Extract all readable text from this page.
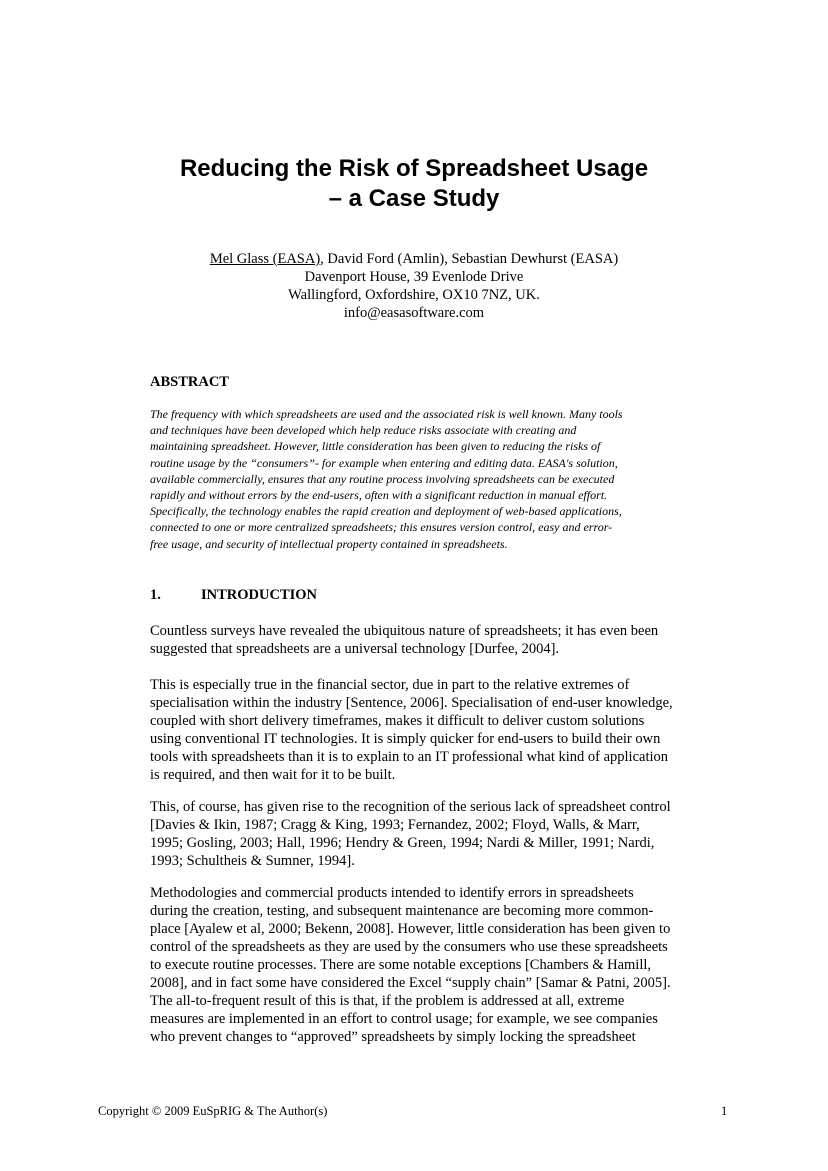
Reducing the Risk of Spreadsheet Usage
– a Case Study
Mel Glass (EASA), David Ford (Amlin), Sebastian Dewhurst (EASA)
Davenport House, 39 Evenlode Drive
Wallingford, Oxfordshire, OX10 7NZ, UK.
info@easasoftware.com
ABSTRACT
The frequency with which spreadsheets are used and the associated risk is well known. Many tools
and techniques have been developed which help reduce risks associate with creating and
maintaining spreadsheet. However, little consideration has been given to reducing the risks of
routine usage by the “consumers”- for example when entering and editing data. EASA's solution,
available commercially, ensures that any routine process involving spreadsheets can be executed
rapidly and without errors by the end-users, often with a significant reduction in manual effort.
Specifically, the technology enables the rapid creation and deployment of web-based applications,
connected to one or more centralized spreadsheets; this ensures version control, easy and error-
free usage, and security of intellectual property contained in spreadsheets.
1.	INTRODUCTION
Countless surveys have revealed the ubiquitous nature of spreadsheets; it has even been
suggested that spreadsheets are a universal technology [Durfee, 2004].
This is especially true in the financial sector, due in part to the relative extremes of
specialisation within the industry [Sentence, 2006]. Specialisation of end-user knowledge,
coupled with short delivery timeframes, makes it difficult to deliver custom solutions
using conventional IT technologies. It is simply quicker for end-users to build their own
tools with spreadsheets than it is to explain to an IT professional what kind of application
is required, and then wait for it to be built.
This, of course, has given rise to the recognition of the serious lack of spreadsheet control
[Davies & Ikin, 1987; Cragg & King, 1993; Fernandez, 2002; Floyd, Walls, & Marr,
1995; Gosling, 2003; Hall, 1996; Hendry & Green, 1994; Nardi & Miller, 1991; Nardi,
1993; Schultheis & Sumner, 1994].
Methodologies and commercial products intended to identify errors in spreadsheets
during the creation, testing, and subsequent maintenance are becoming more common-
place [Ayalew et al, 2000; Bekenn, 2008]. However, little consideration has been given to
control of the spreadsheets as they are used by the consumers who use these spreadsheets
to execute routine processes. There are some notable exceptions [Chambers & Hamill,
2008], and in fact some have considered the Excel “supply chain” [Samar & Patni, 2005].
The all-to-frequent result of this is that, if the problem is addressed at all, extreme
measures are implemented in an effort to control usage; for example, we see companies
who prevent changes to “approved” spreadsheets by simply locking the spreadsheet
Copyright © 2009 EuSpRIG & The Author(s)	1
